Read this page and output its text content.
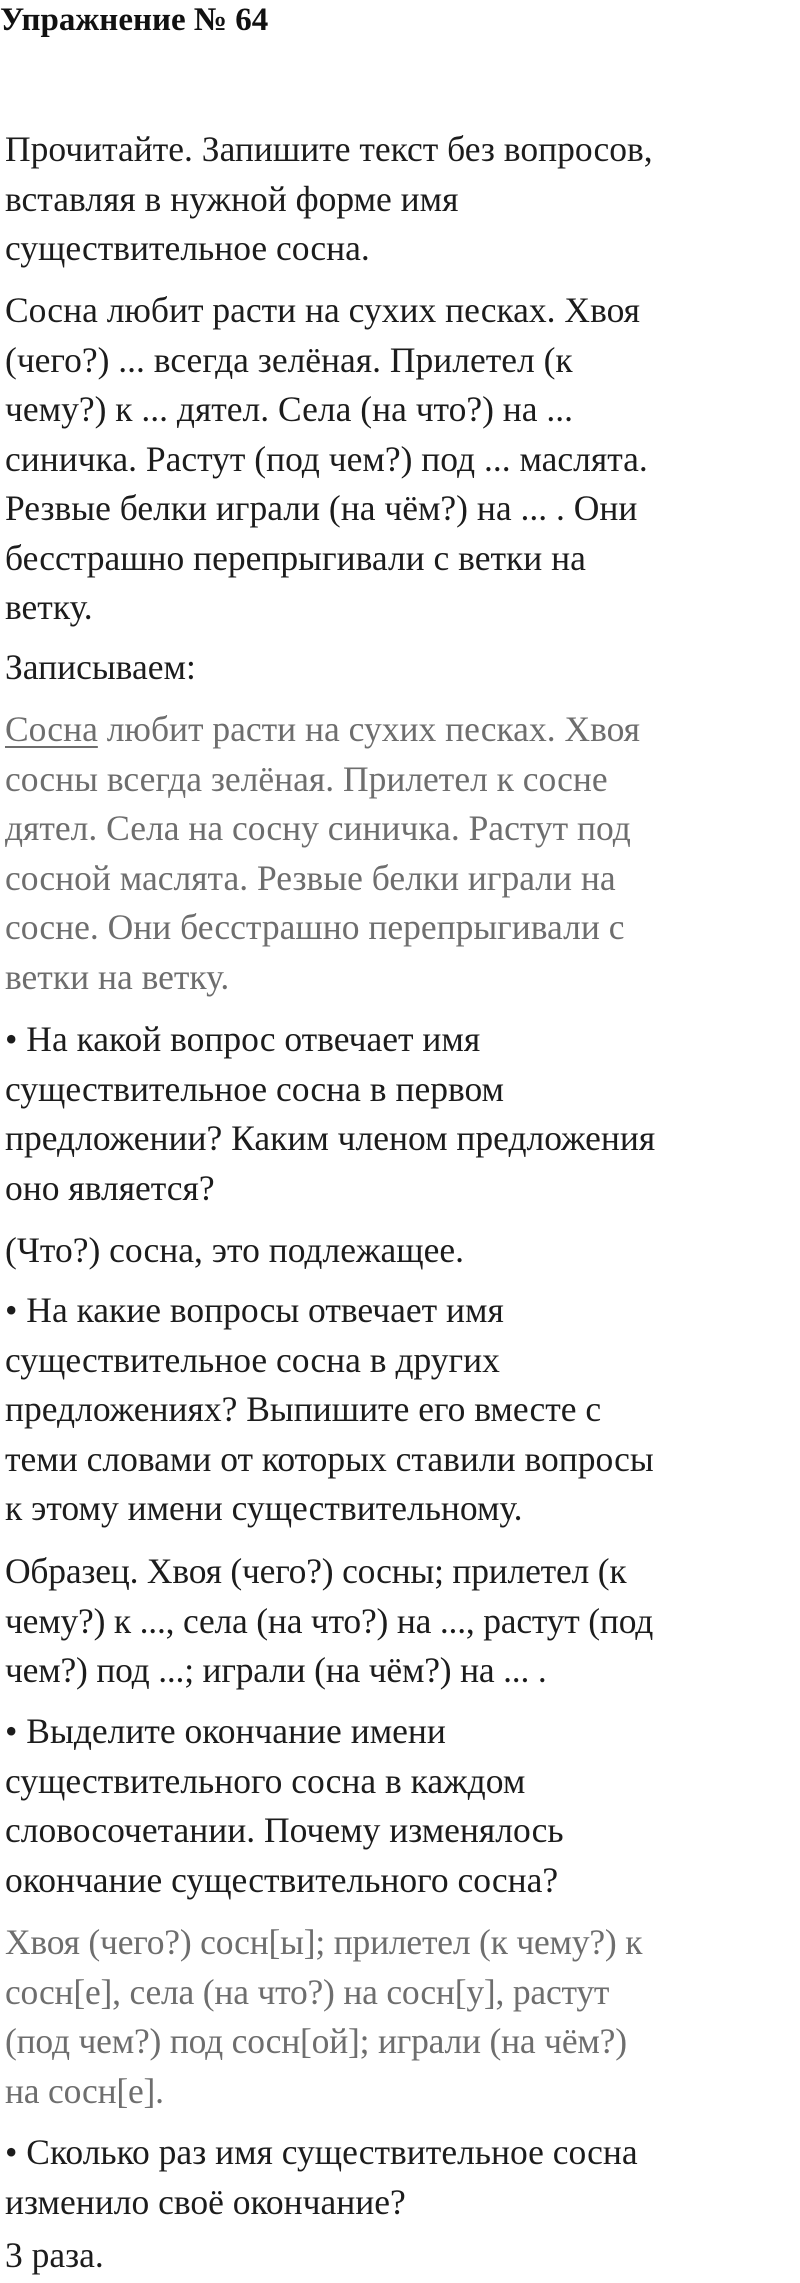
Упражнение № 64

Прочитайте. Запишите текст без вопросов,

вставляя в нужной форме имя

существительное сосна.

Сосна любит расти на сухих песках. Хвоя

(чего?) ... всегда зелёная. Прилетел (к

чему?) к ... дятел. Села (на что?) на ...

синичка. Растут (под чем?) под ... маслята.

Резвые белки играли (на чём?) на ... . Они

бесстрашно перепрыгивали с ветки на

ветку.

Записываем:

Сосна любит расти на сухих песках. Хвоя

сосны всегда зелёная. Прилетел к сосне

дятел. Села на сосну синичка. Растут под

сосной маслята. Резвые белки играли на

сосне. Они бесстрашно перепрыгивали с

ветки на ветку.

• На какой вопрос отвечает имя

существительное сосна в первом

предложении? Каким членом предложения

оно является?

(Что?) сосна, это подлежащее.

• На какие вопросы отвечает имя

существительное сосна в других

предложениях? Выпишите его вместе с

теми словами от которых ставили вопросы

к этому имени существительному.

Образец. Хвоя (чего?) сосны; прилетел (к

чему?) к ..., села (на что?) на ..., растут (под

чем?) под ...; играли (на чём?) на ... .

• Выделите окончание имени

существительного сосна в каждом

словосочетании. Почему изменялось

окончание существительного сосна?

Хвоя (чего?) сосн[ы]; прилетел (к чему?) к

сосн[е], села (на что?) на сосн[у], растут

(под чем?) под сосн[ой]; играли (на чём?)

на сосн[е].

• Сколько раз имя существительное сосна

изменило своё окончание?

3 раза.
